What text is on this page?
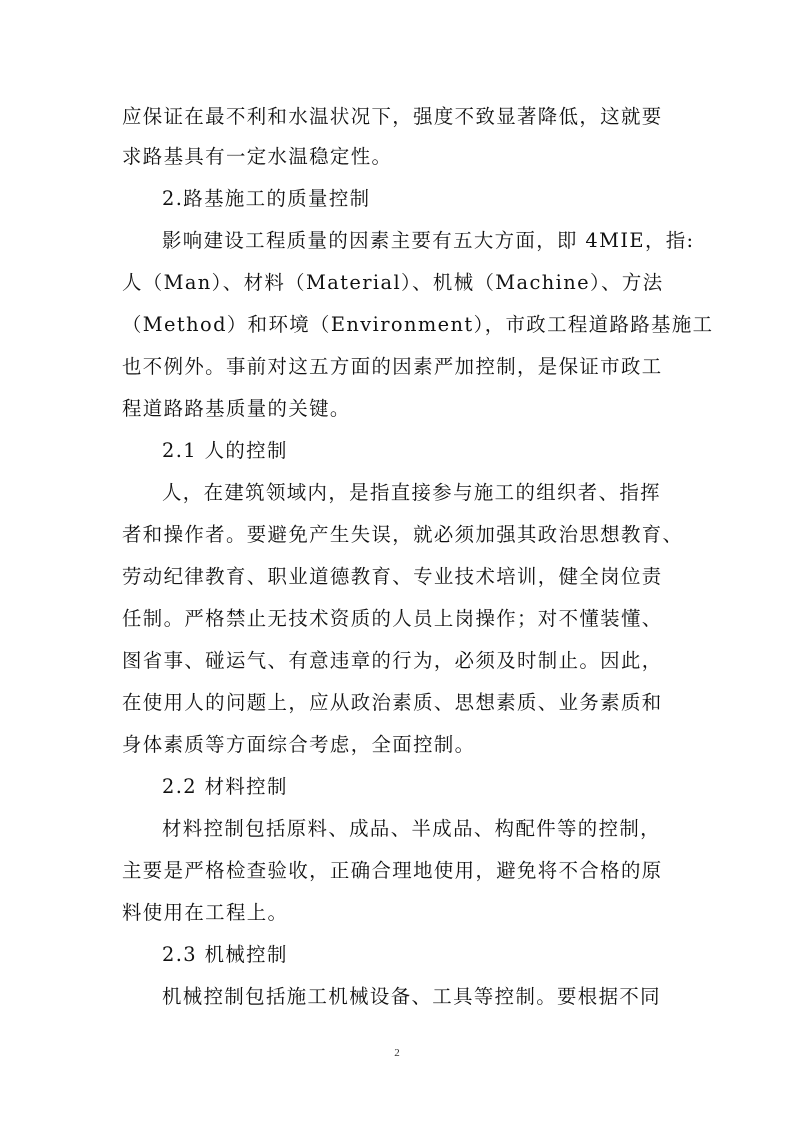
应保证在最不利和水温状况下，强度不致显著降低，这就要
求路基具有一定水温稳定性。
2.路基施工的质量控制
影响建设工程质量的因素主要有五大方面，即 4MIE，指:
人（Man）、材料（Material）、机械（Machine）、方法
（Method）和环境（Environment），市政工程道路路基施工
也不例外。事前对这五方面的因素严加控制，是保证市政工
程道路路基质量的关键。
2.1 人的控制
人，在建筑领域内，是指直接参与施工的组织者、指挥
者和操作者。要避免产生失误，就必须加强其政治思想教育、
劳动纪律教育、职业道德教育、专业技术培训，健全岗位责
任制。严格禁止无技术资质的人员上岗操作；对不懂装懂、
图省事、碰运气、有意违章的行为，必须及时制止。因此，
在使用人的问题上，应从政治素质、思想素质、业务素质和
身体素质等方面综合考虑，全面控制。
2.2 材料控制
材料控制包括原料、成品、半成品、构配件等的控制，
主要是严格检查验收，正确合理地使用，避免将不合格的原
料使用在工程上。
2.3 机械控制
机械控制包括施工机械设备、工具等控制。要根据不同
2
